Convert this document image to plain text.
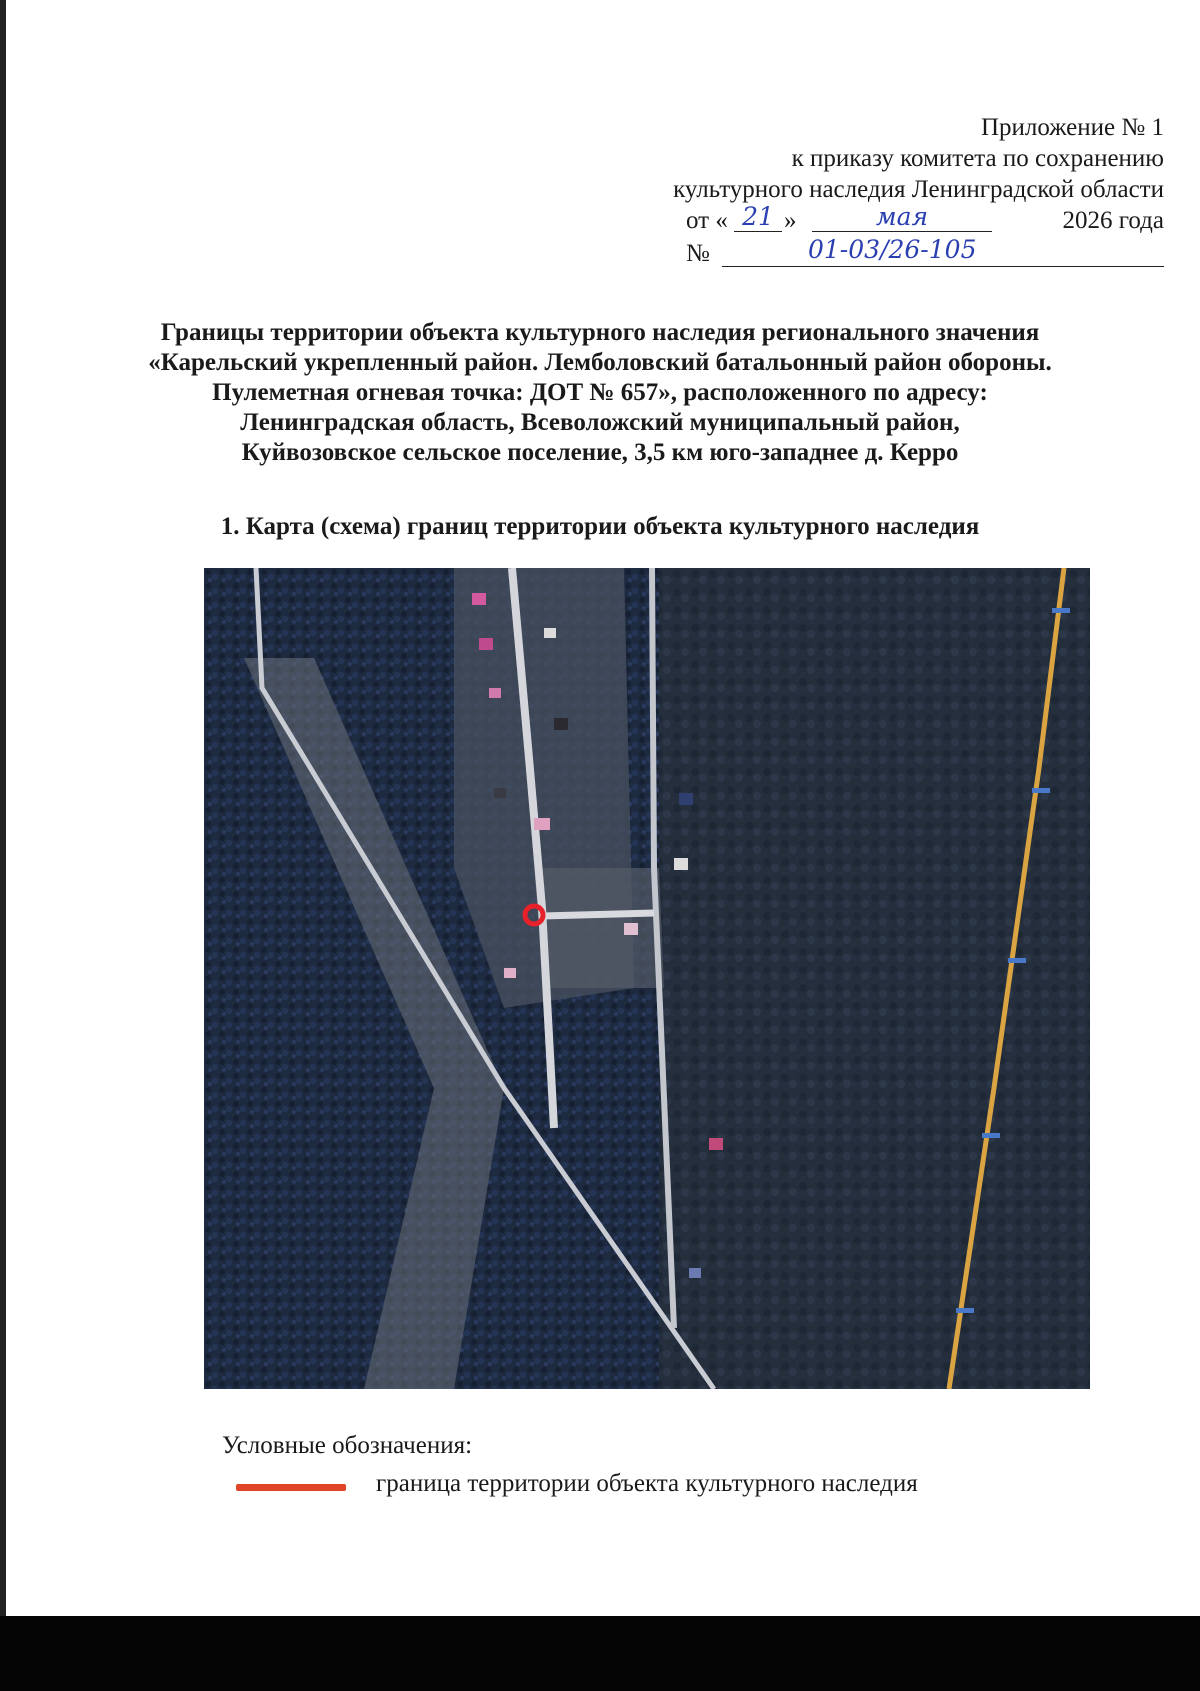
Приложение № 1
к приказу комитета по сохранению
культурного наследия Ленинградской области
от « 21 »	мая	2026 года
№	01-03/26-105
Границы территории объекта культурного наследия регионального значения
«Карельский укрепленный район. Лемболовский батальонный район обороны.
Пулеметная огневая точка: ДОТ № 657», расположенного по адресу:
Ленинградская область, Всеволожский муниципальный район,
Куйвозовское сельское поселение, 3,5 км юго-западнее д. Керро
1. Карта (схема) границ территории объекта культурного наследия
Условные обозначения:
граница территории объекта культурного наследия
